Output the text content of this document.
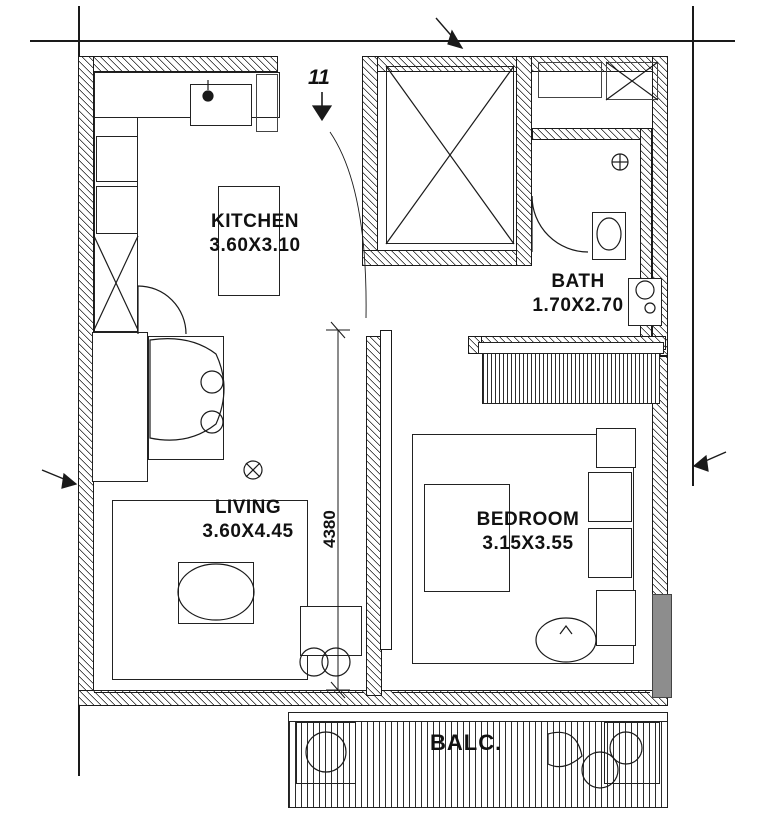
11
KITCHEN
3.60X3.10
BATH
1.70X2.70
LIVING
3.60X4.45
BEDROOM
3.15X3.55
BALC.
4380
